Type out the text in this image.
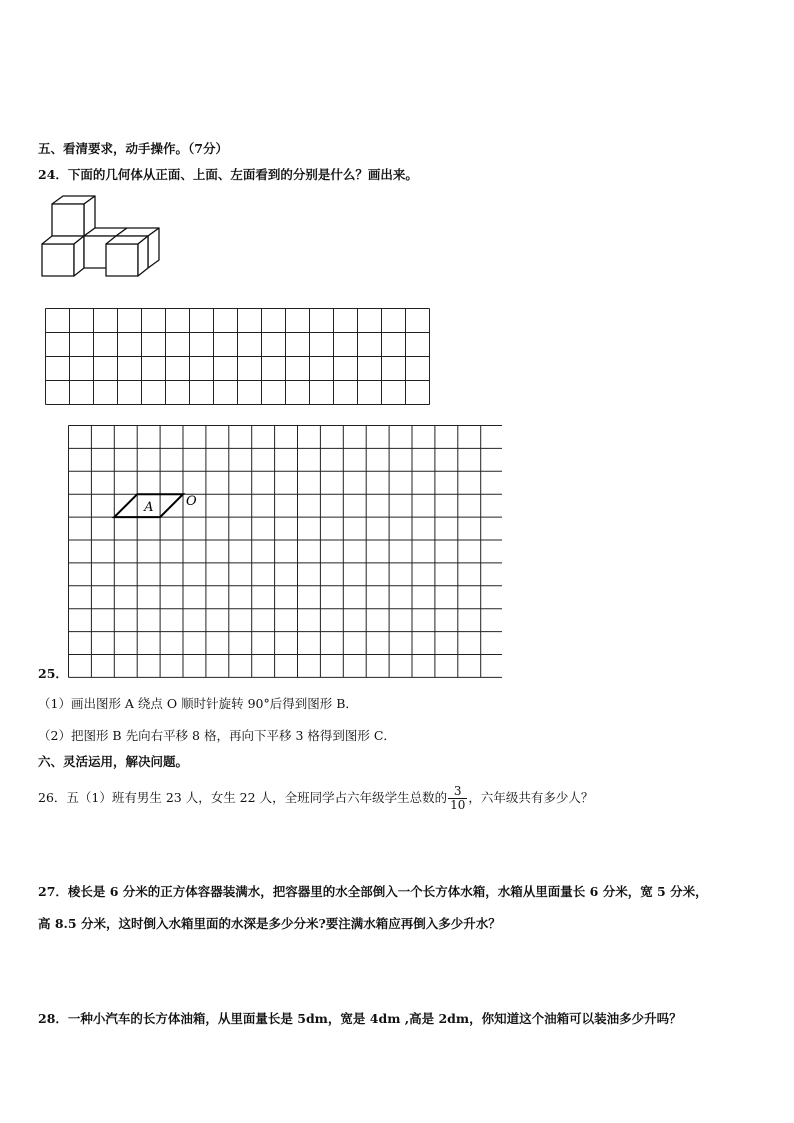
五、看清要求，动手操作。（7分）
24．下面的几何体从正面、上面、左面看到的分别是什么？画出来。
A	O
25．
（1）画出图形 A 绕点 O 顺时针旋转 90°后得到图形 B．
（2）把图形 B 先向右平移 8 格，再向下平移 3 格得到图形 C．
六、灵活运用，解决问题。
26．五（1）班有男生 23 人，女生 22 人，全班同学占六年级学生总数的 $\frac{3}{10}$ ，六年级共有多少人？
27．棱长是 6 分米的正方体容器装满水，把容器里的水全部倒入一个长方体水箱，水箱从里面量长 6 分米，宽 5 分米，
高 8.5 分米，这时倒入水箱里面的水深是多少分米?要注满水箱应再倒入多少升水？
28．一种小汽车的长方体油箱，从里面量长是 5dm，宽是 4dm ,高是 2dm，你知道这个油箱可以装油多少升吗？
